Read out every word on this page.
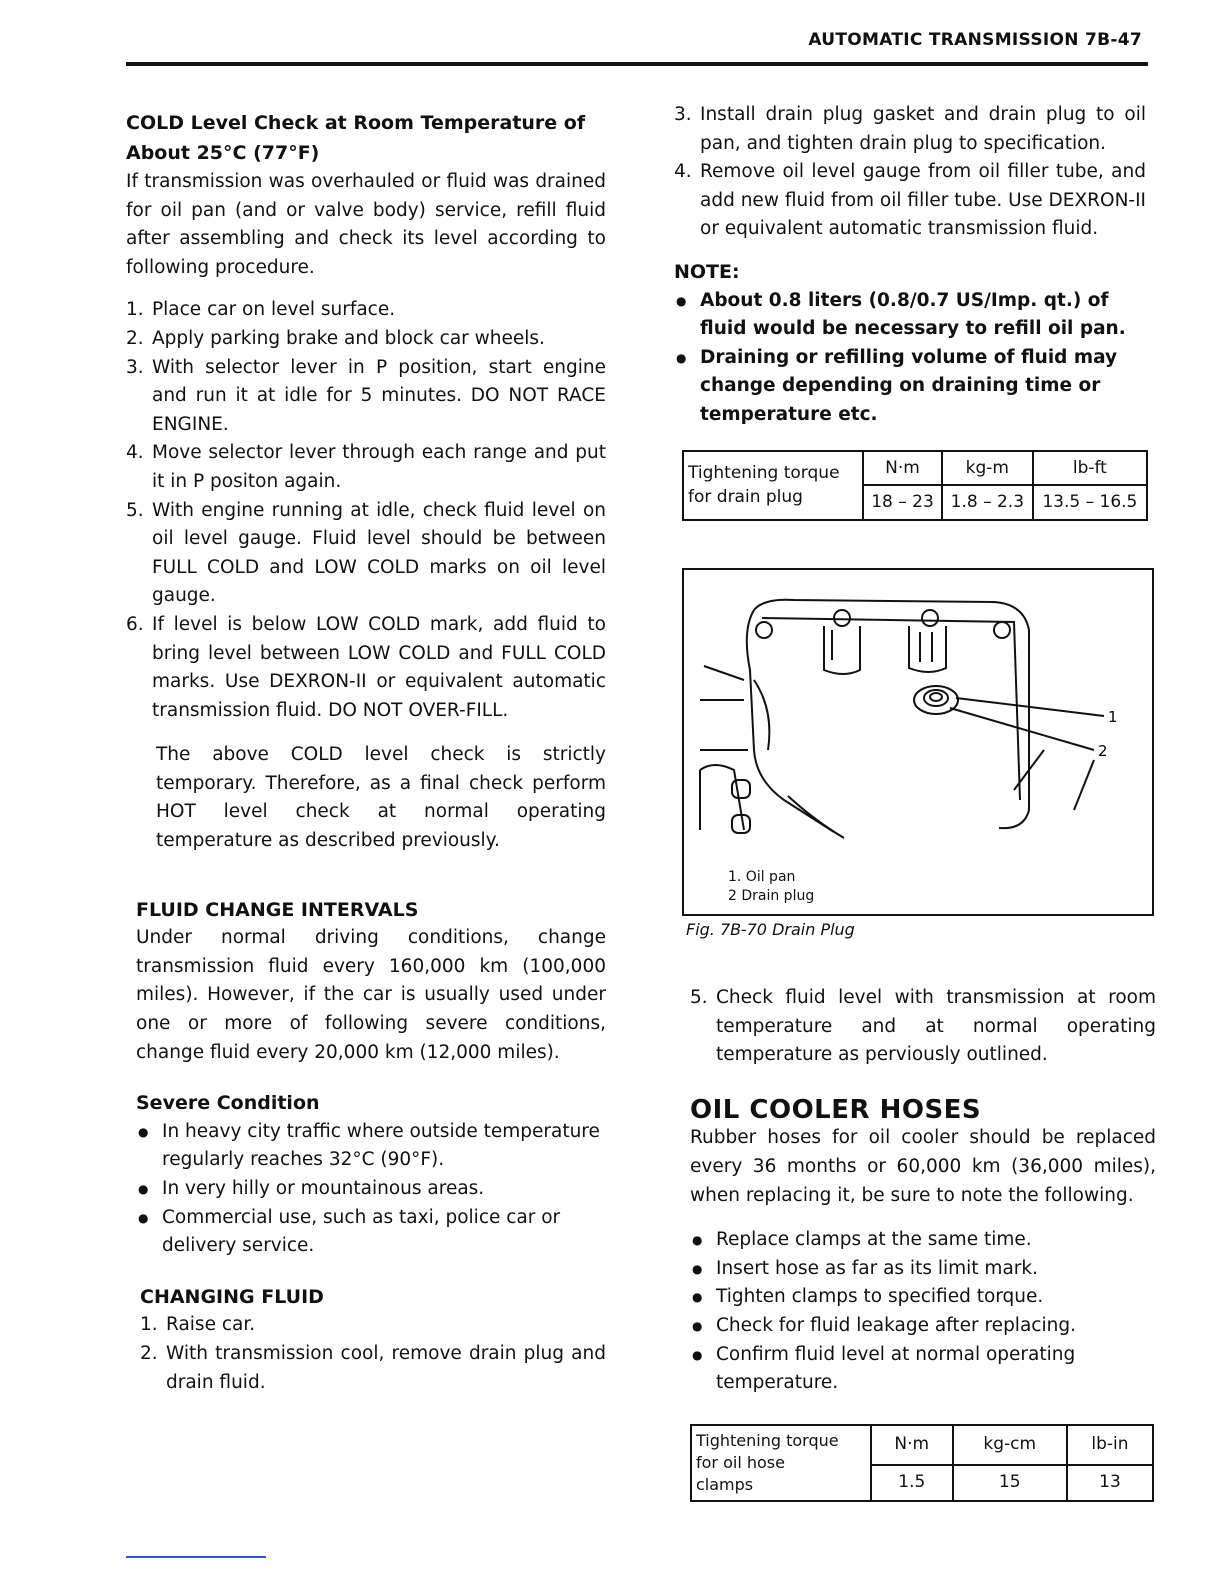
AUTOMATIC TRANSMISSION 7B-47
COLD Level Check at Room Temperature of
About 25°C (77°F)

If transmission was overhauled or fluid was drained for oil pan (and or valve body) service, refill fluid after assembling and check its level according to following procedure.

1. Place car on level surface.
2. Apply parking brake and block car wheels.
3. With selector lever in P position, start engine and run it at idle for 5 minutes. DO NOT RACE ENGINE.
4. Move selector lever through each range and put it in P positon again.
5. With engine running at idle, check fluid level on oil level gauge. Fluid level should be between FULL COLD and LOW COLD marks on oil level gauge.
6. If level is below LOW COLD mark, add fluid to bring level between LOW COLD and FULL COLD marks. Use DEXRON-II or equivalent automatic transmission fluid. DO NOT OVER-FILL.

The above COLD level check is strictly temporary. Therefore, as a final check perform HOT level check at normal operating temperature as described previously.

FLUID CHANGE INTERVALS

Under normal driving conditions, change transmission fluid every 160,000 km (100,000 miles). However, if the car is usually used under one or more of following severe conditions, change fluid every 20,000 km (12,000 miles).

Severe Condition
● In heavy city traffic where outside temperature regularly reaches 32°C (90°F).
● In very hilly or mountainous areas.
● Commercial use, such as taxi, police car or delivery service.
CHANGING FLUID
1. Raise car.
2. With transmission cool, remove drain plug and drain fluid.
3. Install drain plug gasket and drain plug to oil pan, and tighten drain plug to specification.
4. Remove oil level gauge from oil filler tube, and add new fluid from oil filler tube. Use DEXRON-II or equivalent automatic transmission fluid.
NOTE:
● About 0.8 liters (0.8/0.7 US/Imp. qt.) of fluid would be necessary to refill oil pan.
● Draining or refilling volume of fluid may change depending on draining time or temperature etc.
Tightening torque
for drain plug	N·m	kg-m	lb-ft
	18 – 23	1.8 – 2.3	13.5 – 16.5
1
2
1. Oil pan
2 Drain plug
Fig. 7B-70 Drain Plug
5. Check fluid level with transmission at room temperature and at normal operating temperature as perviously outlined.
OIL COOLER HOSES

Rubber hoses for oil cooler should be replaced every 36 months or 60,000 km (36,000 miles), when replacing it, be sure to note the following.

● Replace clamps at the same time.
● Insert hose as far as its limit mark.
● Tighten clamps to specified torque.
● Check for fluid leakage after replacing.
● Confirm fluid level at normal operating temperature.
Tightening torque
for oil hose
clamps	N·m	kg-cm	lb-in
	1.5	15	13
